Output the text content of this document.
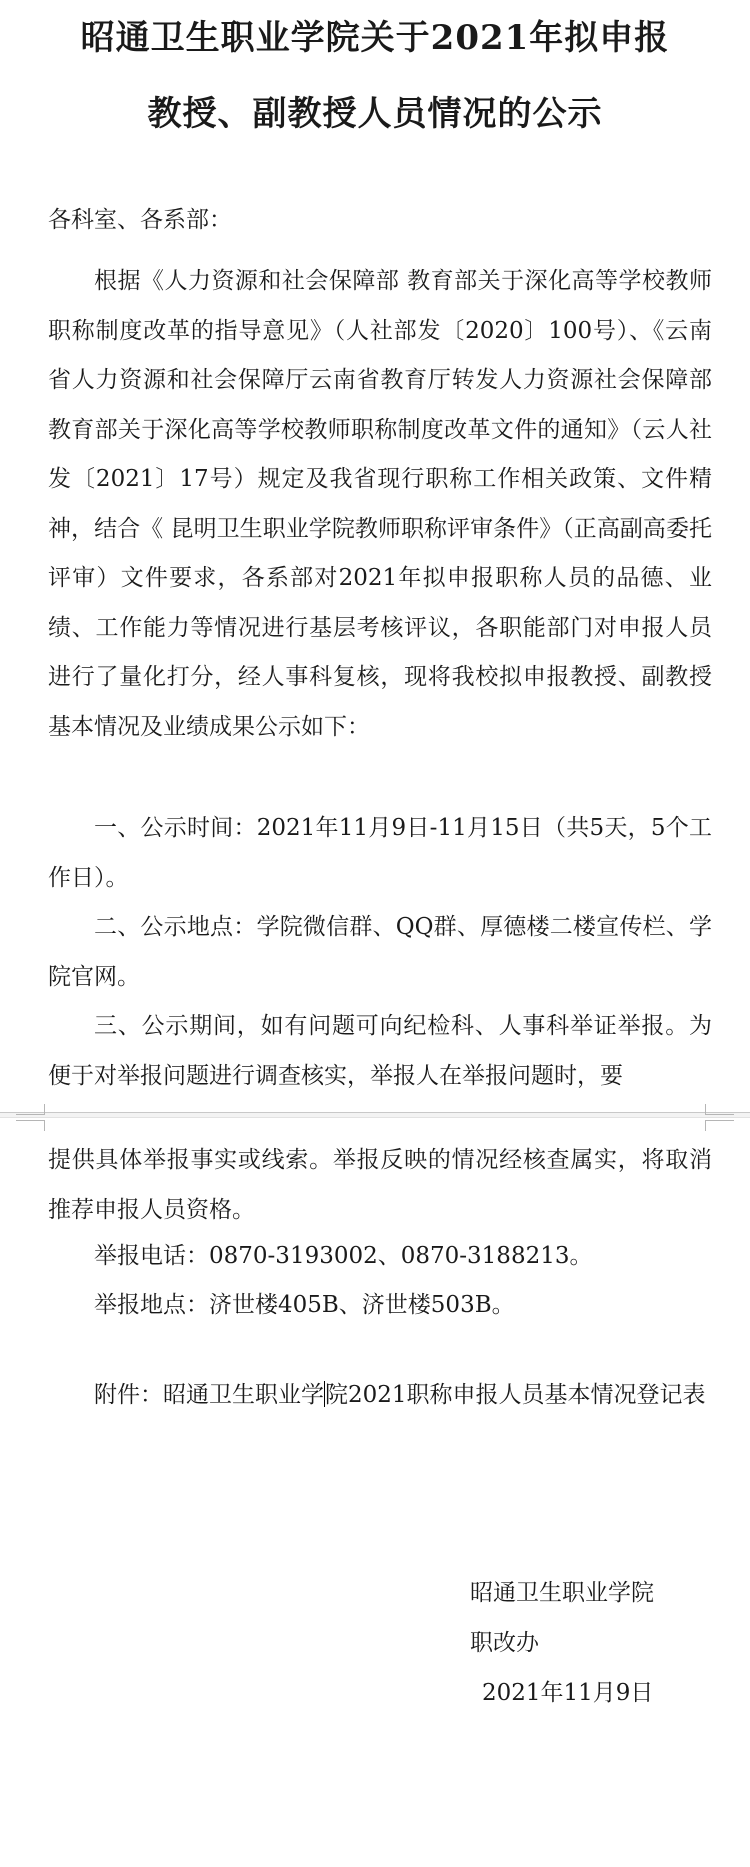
昭通卫生职业学院关于2021年拟申报
教授、副教授人员情况的公示

各科室、各系部：

根据《人力资源和社会保障部 教育部关于深化高等学校教师职称制度改革的指导意见》（人社部发〔2020〕100号）、《云南省人力资源和社会保障厅云南省教育厅转发人力资源社会保障部 教育部关于深化高等学校教师职称制度改革文件的通知》（云人社发〔2021〕17号）规定及我省现行职称工作相关政策、文件精神，结合《 昆明卫生职业学院教师职称评审条件》（正高副高委托评审）文件要求，各系部对2021年拟申报职称人员的品德、业绩、工作能力等情况进行基层考核评议，各职能部门对申报人员进行了量化打分，经人事科复核，现将我校拟申报教授、副教授基本情况及业绩成果公示如下：

一、公示时间：2021年11月9日-11月15日（共5天，5个工作日）。

二、公示地点：学院微信群、QQ群、厚德楼二楼宣传栏、学院官网。

三、公示期间，如有问题可向纪检科、人事科举证举报。为便于对举报问题进行调查核实，举报人在举报问题时，要

提供具体举报事实或线索。举报反映的情况经核查属实，将取消推荐申报人员资格。

举报电话：0870-3193002、0870-3188213。

举报地点：济世楼405B、济世楼503B。

附件：昭通卫生职业学院2021职称申报人员基本情况登记表

昭通卫生职业学院

职改办

2021年11月9日
